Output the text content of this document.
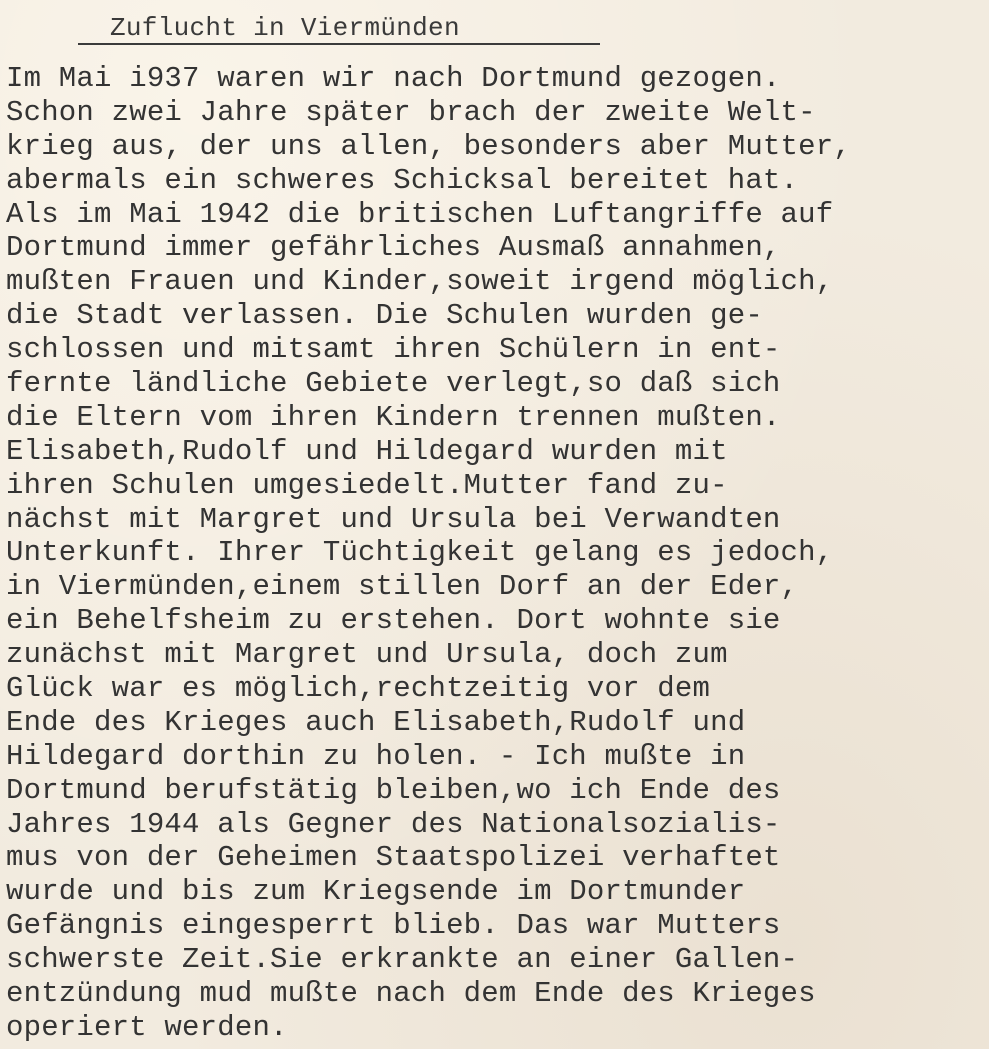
Zuflucht in Viermünden
Im Mai i937 waren wir nach Dortmund gezogen.
Schon zwei Jahre später brach der zweite Welt-
krieg aus, der uns allen, besonders aber Mutter,
abermals ein schweres Schicksal bereitet hat.
Als im Mai 1942 die britischen Luftangriffe auf
Dortmund immer gefährliches Ausmaß annahmen,
mußten Frauen und Kinder,soweit irgend möglich,
die Stadt verlassen. Die Schulen wurden ge-
schlossen und mitsamt ihren Schülern in ent-
fernte ländliche Gebiete verlegt,so daß sich
die Eltern vom ihren Kindern trennen mußten.
Elisabeth,Rudolf und Hildegard wurden mit
ihren Schulen umgesiedelt.Mutter fand zu-
nächst mit Margret und Ursula bei Verwandten
Unterkunft. Ihrer Tüchtigkeit gelang es jedoch,
in Viermünden,einem stillen Dorf an der Eder,
ein Behelfsheim zu erstehen. Dort wohnte sie
zunächst mit Margret und Ursula, doch zum
Glück war es möglich,rechtzeitig vor dem
Ende des Krieges auch Elisabeth,Rudolf und
Hildegard dorthin zu holen. - Ich mußte in
Dortmund berufstätig bleiben,wo ich Ende des
Jahres 1944 als Gegner des Nationalsozialis-
mus von der Geheimen Staatspolizei verhaftet
wurde und bis zum Kriegsende im Dortmunder
Gefängnis eingesperrt blieb. Das war Mutters
schwerste Zeit.Sie erkrankte an einer Gallen-
entzündung mud mußte nach dem Ende des Krieges
operiert werden.
